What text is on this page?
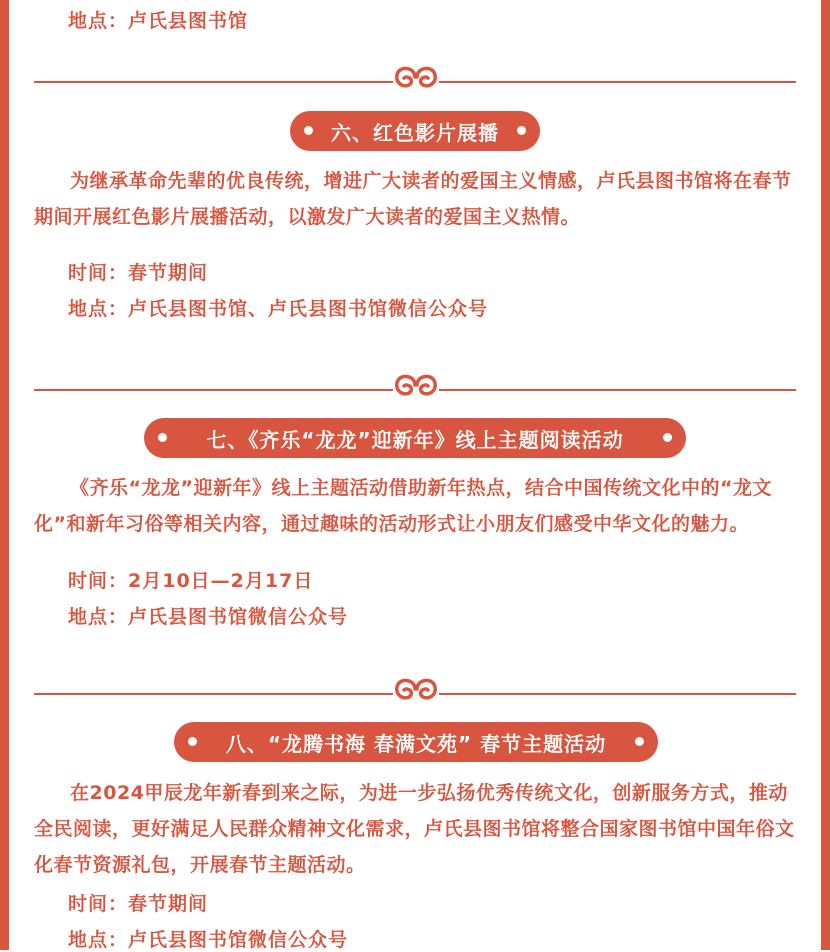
地点：卢氏县图书馆
六、红色影片展播

为继承革命先辈的优良传统，增进广大读者的爱国主义情感，卢氏县图书馆将在春节期间开展红色影片展播活动，以激发广大读者的爱国主义热情。

时间：春节期间
地点：卢氏县图书馆、卢氏县图书馆微信公众号
七、《齐乐“龙龙”迎新年》线上主题阅读活动

《齐乐“龙龙”迎新年》线上主题活动借助新年热点，结合中国传统文化中的“龙文化”和新年习俗等相关内容，通过趣味的活动形式让小朋友们感受中华文化的魅力。

时间：2月10日—2月17日
地点：卢氏县图书馆微信公众号
八、“龙腾书海 春满文苑” 春节主题活动

在2024甲辰龙年新春到来之际，为进一步弘扬优秀传统文化，创新服务方式，推动全民阅读，更好满足人民群众精神文化需求，卢氏县图书馆将整合国家图书馆中国年俗文化春节资源礼包，开展春节主题活动。

时间：春节期间
地点：卢氏县图书馆微信公众号
